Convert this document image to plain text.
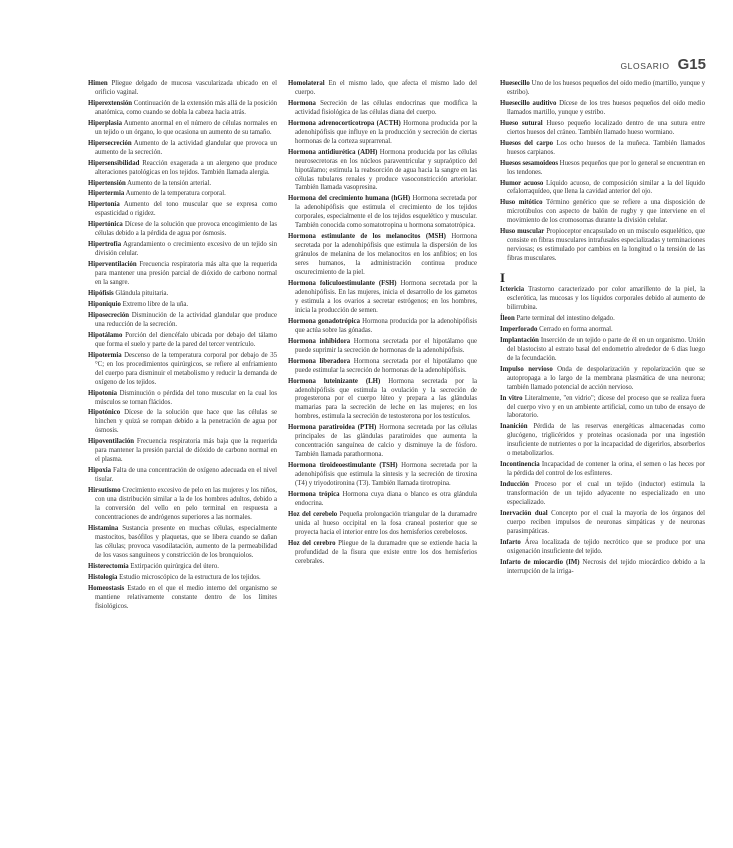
GLOSARIO G15

Himen Pliegue delgado de mucosa vascularizada ubicado en el orificio vaginal.

Hiperextensión Continuación de la extensión más allá de la posición anatómica, como cuando se dobla la cabeza hacia atrás.

Hiperplasia Aumento anormal en el número de células normales en un tejido o un órgano, lo que ocasiona un aumento de su tamaño.

Hipersecreción Aumento de la actividad glandular que provoca un aumento de la secreción.

Hipersensibilidad Reacción exagerada a un alergeno que produce alteraciones patológicas en los tejidos. También llamada alergia.

Hipertensión Aumento de la tensión arterial.

Hipertermia Aumento de la temperatura corporal.

Hipertonía Aumento del tono muscular que se expresa como espasticidad o rigidez.

Hipertónica Dícese de la solución que provoca encogimiento de las células debido a la pérdida de agua por ósmosis.

Hipertrofia Agrandamiento o crecimiento excesivo de un tejido sin división celular.

Hiperventilación Frecuencia respiratoria más alta que la requerida para mantener una presión parcial de dióxido de carbono normal en la sangre.

Hipófisis Glándula pituitaria.

Hiponiquio Extremo libre de la uña.

Hiposecreción Disminución de la actividad glandular que produce una reducción de la secreción.

Hipotálamo Porción del diencéfalo ubicada por debajo del tálamo que forma el suelo y parte de la pared del tercer ventrículo.

Hipotermia Descenso de la temperatura corporal por debajo de 35 °C; en los procedimientos quirúrgicos, se refiere al enfriamiento del cuerpo para disminuir el metabolismo y reducir la demanda de oxígeno de los tejidos.

Hipotonía Disminución o pérdida del tono muscular en la cual los músculos se tornan flácidos.

Hipotónico Dícese de la solución que hace que las células se hinchen y quizá se rompan debido a la penetración de agua por ósmosis.

Hipoventilación Frecuencia respiratoria más baja que la requerida para mantener la presión parcial de dióxido de carbono normal en el plasma.

Hipoxia Falta de una concentración de oxígeno adecuada en el nivel tisular.

Hirsutismo Crecimiento excesivo de pelo en las mujeres y los niños, con una distribución similar a la de los hombres adultos, debido a la conversión del vello en pelo terminal en respuesta a concentraciones de andrógenos superiores a las normales.

Histamina Sustancia presente en muchas células, especialmente mastocitos, basófilos y plaquetas, que se libera cuando se dañan las células; provoca vasodilatación, aumento de la permeabilidad de los vasos sanguíneos y constricción de los bronquiolos.

Histerectomía Extirpación quirúrgica del útero.

Histología Estudio microscópico de la estructura de los tejidos.

Homeostasis Estado en el que el medio interno del organismo se mantiene relativamente constante dentro de los límites fisiológicos.

Homolateral En el mismo lado, que afecta el mismo lado del cuerpo.

Hormona Secreción de las células endocrinas que modifica la actividad fisiológica de las células diana del cuerpo.

Hormona adrenocorticotropa (ACTH) Hormona producida por la adenohipófisis que influye en la producción y secreción de ciertas hormonas de la corteza suprarrenal.

Hormona antidiurética (ADH) Hormona producida por las células neurosecretoras en los núcleos paraventricular y supraóptico del hipotálamo; estimula la reabsorción de agua hacia la sangre en las células tubulares renales y produce vasoconstricción arteriolar. También llamada vasopresina.

Hormona del crecimiento humana (hGH) Hormona secretada por la adenohipófisis que estimula el crecimiento de los tejidos corporales, especialmente el de los tejidos esquelético y muscular. También conocida como somatotropina u hormona somatotrópica.

Hormona estimulante de los melanocitos (MSH) Hormona secretada por la adenohipófisis que estimula la dispersión de los gránulos de melanina de los melanocitos en los anfibios; en los seres humanos, la administración continua produce oscurecimiento de la piel.

Hormona foliculoestimulante (FSH) Hormona secretada por la adenohipófisis. En las mujeres, inicia el desarrollo de los gametos y estimula a los ovarios a secretar estrógenos; en los hombres, inicia la producción de semen.

Hormona gonadotrópica Hormona producida por la adenohipófisis que actúa sobre las gónadas.

Hormona inhibidora Hormona secretada por el hipotálamo que puede suprimir la secreción de hormonas de la adenohipófisis.

Hormona liberadora Hormona secretada por el hipotálamo que puede estimular la secreción de hormonas de la adenohipófisis.

Hormona luteinizante (LH) Hormona secretada por la adenohipófisis que estimula la ovulación y la secreción de progesterona por el cuerpo lúteo y prepara a las glándulas mamarias para la secreción de leche en las mujeres; en los hombres, estimula la secreción de testosterona por los testículos.

Hormona paratiroidea (PTH) Hormona secretada por las células principales de las glándulas paratiroides que aumenta la concentración sanguínea de calcio y disminuye la de fósforo. También llamada parathormona.

Hormona tiroideoestimulante (TSH) Hormona secretada por la adenohipófisis que estimula la síntesis y la secreción de tiroxina (T4) y triyodotironina (T3). También llamada tirotropina.

Hormona trópica Hormona cuya diana o blanco es otra glándula endocrina.

Hoz del cerebelo Pequeña prolongación triangular de la duramadre unida al hueso occipital en la fosa craneal posterior que se proyecta hacia el interior entre los dos hemisferios cerebelosos.

Hoz del cerebro Pliegue de la duramadre que se extiende hacia la profundidad de la fisura que existe entre los dos hemisferios cerebrales.

Huesecillo Uno de los huesos pequeños del oído medio (martillo, yunque y estribo).

Huesecillo auditivo Dícese de los tres huesos pequeños del oído medio llamados martillo, yunque y estribo.

Hueso sutural Hueso pequeño localizado dentro de una sutura entre ciertos huesos del cráneo. También llamado hueso wormiano.

Huesos del carpo Los ocho huesos de la muñeca. También llamados huesos carpianos.

Huesos sesamoideos Huesos pequeños que por lo general se encuentran en los tendones.

Humor acuoso Líquido acuoso, de composición similar a la del líquido cefalorraquídeo, que llena la cavidad anterior del ojo.

Huso mitótico Término genérico que se refiere a una disposición de microtúbulos con aspecto de balón de rugby y que interviene en el movimiento de los cromosomas durante la división celular.

Huso muscular Propioceptor encapsulado en un músculo esquelético, que consiste en fibras musculares intrafusales especializadas y terminaciones nerviosas; es estimulado por cambios en la longitud o la tensión de las fibras musculares.

I

Ictericia Trastorno caracterizado por color amarillento de la piel, la esclerótica, las mucosas y los líquidos corporales debido al aumento de bilirrubina.

Íleon Parte terminal del intestino delgado.

Imperforado Cerrado en forma anormal.

Implantación Inserción de un tejido o parte de él en un organismo. Unión del blastocisto al estrato basal del endometrio alrededor de 6 días luego de la fecundación.

Impulso nervioso Onda de despolarización y repolarización que se autopropaga a lo largo de la membrana plasmática de una neurona; también llamado potencial de acción nervioso.

In vitro Literalmente, "en vidrio"; dícese del proceso que se realiza fuera del cuerpo vivo y en un ambiente artificial, como un tubo de ensayo de laboratorio.

Inanición Pérdida de las reservas energéticas almacenadas como glucógeno, triglicéridos y proteínas ocasionada por una ingestión insuficiente de nutrientes o por la incapacidad de digerirlos, absorberlos o metabolizarlos.

Incontinencia Incapacidad de contener la orina, el semen o las heces por la pérdida del control de los esfínteres.

Inducción Proceso por el cual un tejido (inductor) estimula la transformación de un tejido adyacente no especializado en uno especializado.

Inervación dual Concepto por el cual la mayoría de los órganos del cuerpo reciben impulsos de neuronas simpáticas y de neuronas parasimpáticas.

Infarto Área localizada de tejido necrótico que se produce por una oxigenación insuficiente del tejido.

Infarto de miocardio (IM) Necrosis del tejido miocárdico debido a la interrupción de la irriga-
